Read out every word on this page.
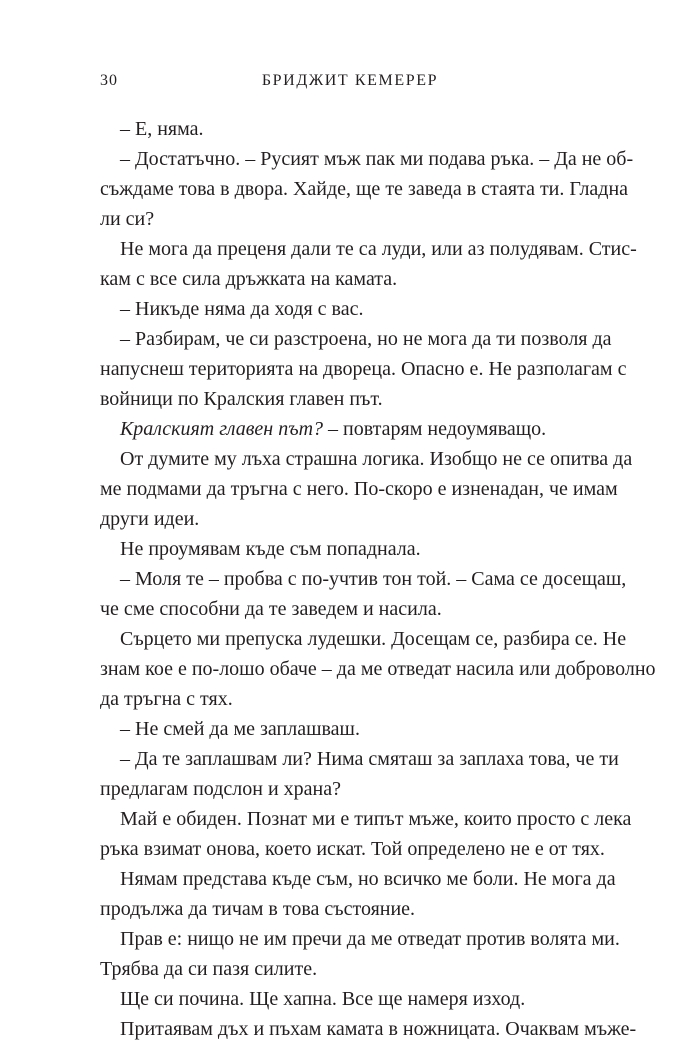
30	БРИДЖИТ КЕМЕРЕР
– Е, няма.
– Достатъчно. – Русият мъж пак ми подава ръка. – Да не об-
съждаме това в двора. Хайде, ще те заведа в стаята ти. Гладна
ли си?
Не мога да преценя дали те са луди, или аз полудявам. Стис-
кам с все сила дръжката на камата.
– Никъде няма да ходя с вас.
– Разбирам, че си разстроена, но не мога да ти позволя да
напуснеш територията на двореца. Опасно е. Не разполагам с
войници по Кралския главен път.
Кралският главен път? – повтарям недоумяващо.
От думите му лъха страшна логика. Изобщо не се опитва да
ме подмами да тръгна с него. По-скоро е изненадан, че имам
други идеи.
Не проумявам къде съм попаднала.
– Моля те – пробва с по-учтив тон той. – Сама се досещаш,
че сме способни да те заведем и насила.
Сърцето ми препуска лудешки. Досещам се, разбира се. Не
знам кое е по-лошо обаче – да ме отведат насила или доброволно
да тръгна с тях.
– Не смей да ме заплашваш.
– Да те заплашвам ли? Нима смяташ за заплаха това, че ти
предлагам подслон и храна?
Май е обиден. Познат ми е типът мъже, които просто с лека
ръка взимат онова, което искат. Той определено не е от тях.
Нямам представа къде съм, но всичко ме боли. Не мога да
продължа да тичам в това състояние.
Прав е: нищо не им пречи да ме отведат против волята ми.
Трябва да си пазя силите.
Ще си почина. Ще хапна. Все ще намеря изход.
Притаявам дъх и пъхам камата в ножницата. Очаквам мъже-
